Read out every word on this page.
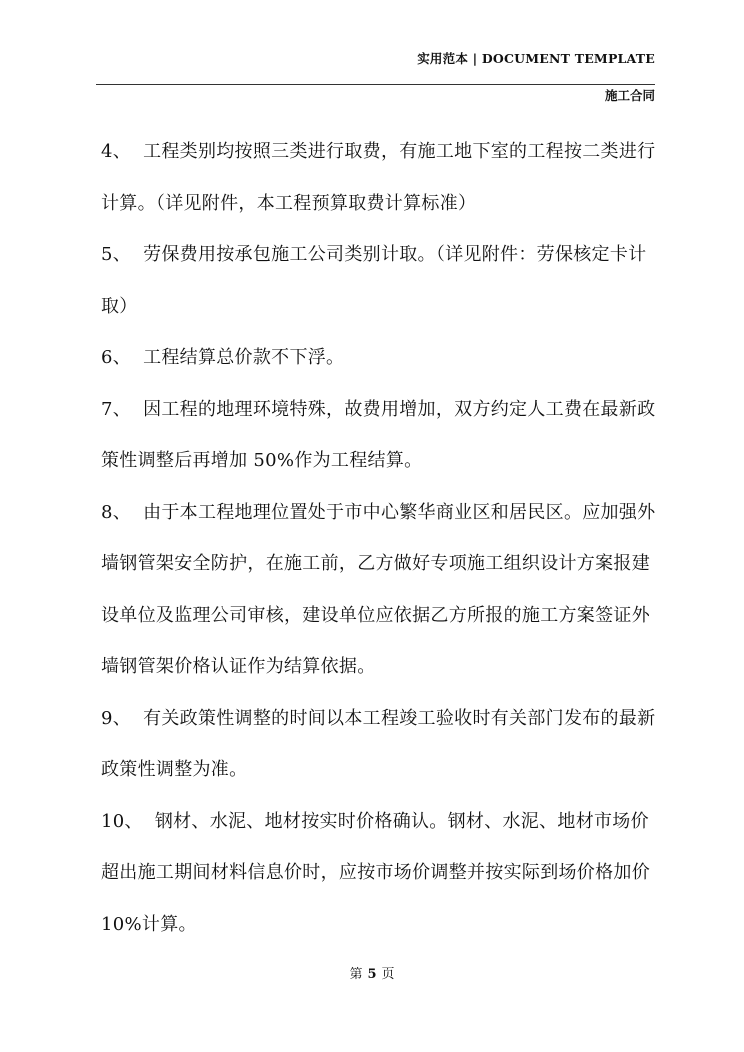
实用范本 | DOCUMENT TEMPLATE
施工合同

4、 工程类别均按照三类进行取费，有施工地下室的工程按二类进行计算。（详见附件，本工程预算取费计算标准）

5、 劳保费用按承包施工公司类别计取。（详见附件：劳保核定卡计取）

6、 工程结算总价款不下浮。

7、 因工程的地理环境特殊，故费用增加，双方约定人工费在最新政策性调整后再增加 50%作为工程结算。

8、 由于本工程地理位置处于市中心繁华商业区和居民区。应加强外墙钢管架安全防护，在施工前，乙方做好专项施工组织设计方案报建设单位及监理公司审核，建设单位应依据乙方所报的施工方案签证外墙钢管架价格认证作为结算依据。

9、 有关政策性调整的时间以本工程竣工验收时有关部门发布的最新政策性调整为准。

10、 钢材、水泥、地材按实时价格确认。钢材、水泥、地材市场价超出施工期间材料信息价时，应按市场价调整并按实际到场价格加价 10%计算。

第 5 页
